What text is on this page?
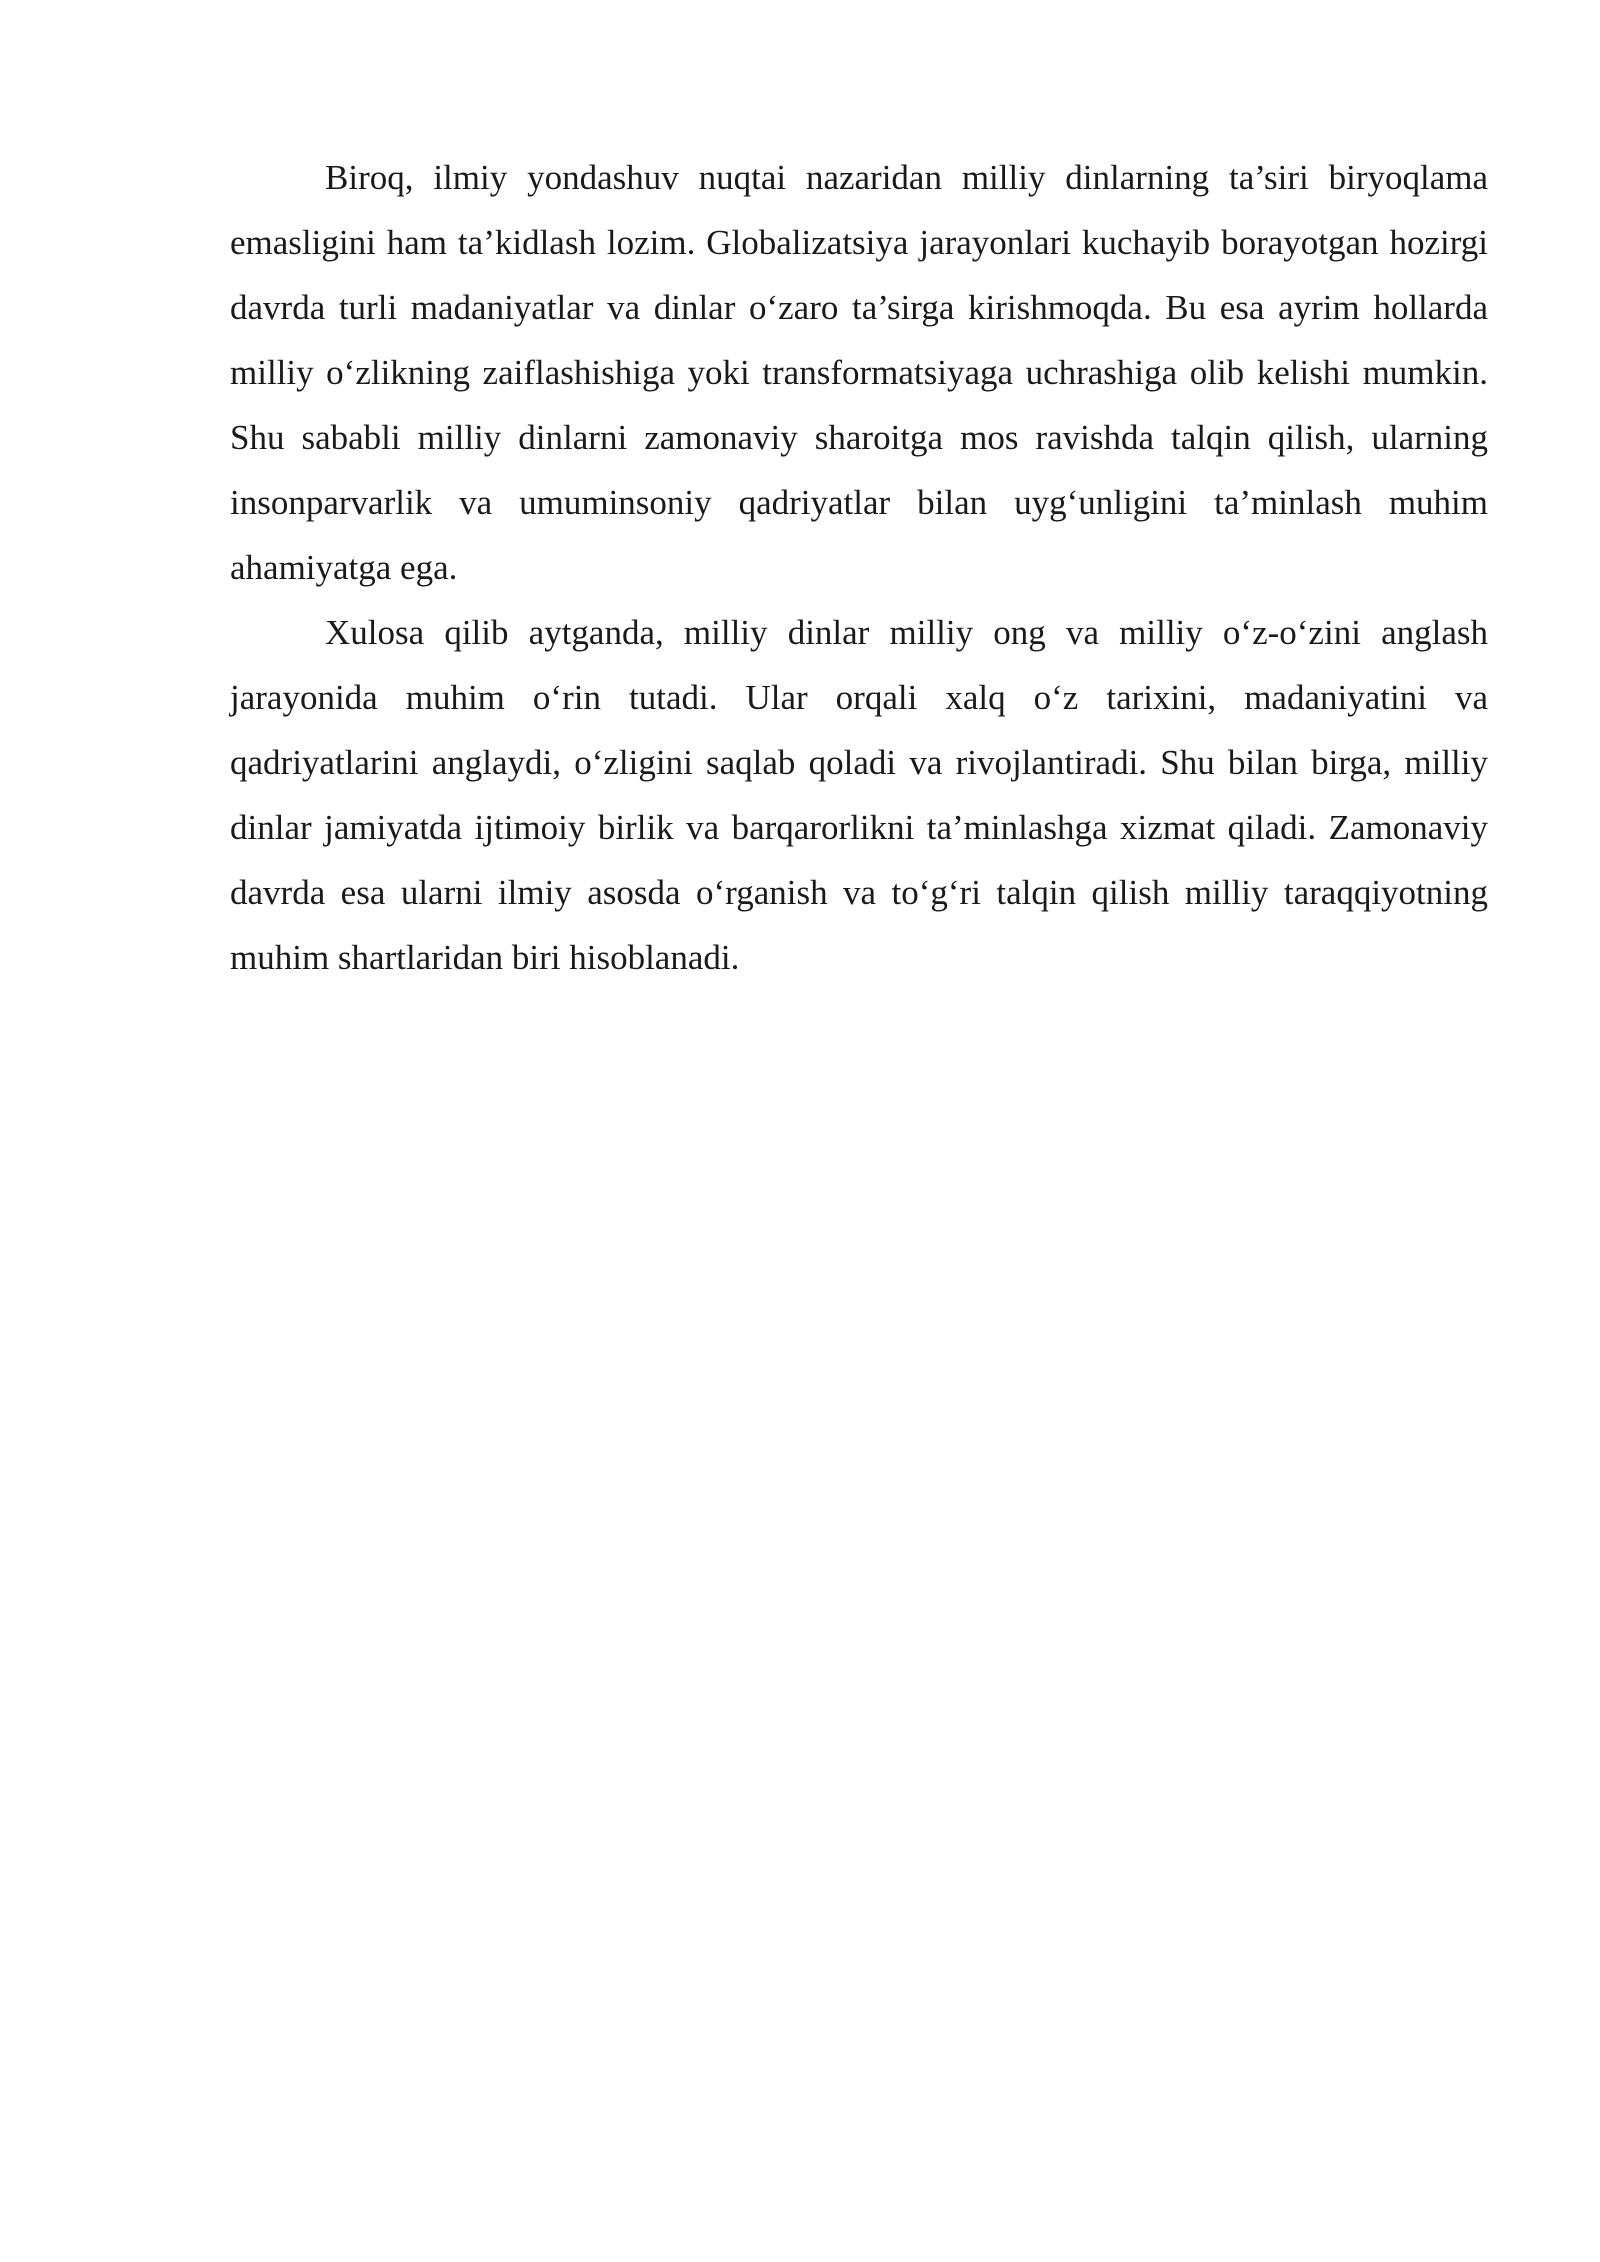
Biroq, ilmiy yondashuv nuqtai nazaridan milliy dinlarning ta’siri biryoqlama emasligini ham ta’kidlash lozim. Globalizatsiya jarayonlari kuchayib borayotgan hozirgi davrda turli madaniyatlar va dinlar o‘zaro ta’sirga kirishmoqda. Bu esa ayrim hollarda milliy o‘zlikning zaiflashishiga yoki transformatsiyaga uchrashiga olib kelishi mumkin. Shu sababli milliy dinlarni zamonaviy sharoitga mos ravishda talqin qilish, ularning insonparvarlik va umuminsoniy qadriyatlar bilan uyg‘unligini ta’minlash muhim ahamiyatga ega.

Xulosa qilib aytganda, milliy dinlar milliy ong va milliy o‘z-o‘zini anglash jarayonida muhim o‘rin tutadi. Ular orqali xalq o‘z tarixini, madaniyatini va qadriyatlarini anglaydi, o‘zligini saqlab qoladi va rivojlantiradi. Shu bilan birga, milliy dinlar jamiyatda ijtimoiy birlik va barqarorlikni ta’minlashga xizmat qiladi. Zamonaviy davrda esa ularni ilmiy asosda o‘rganish va to‘g‘ri talqin qilish milliy taraqqiyotning muhim shartlaridan biri hisoblanadi.
